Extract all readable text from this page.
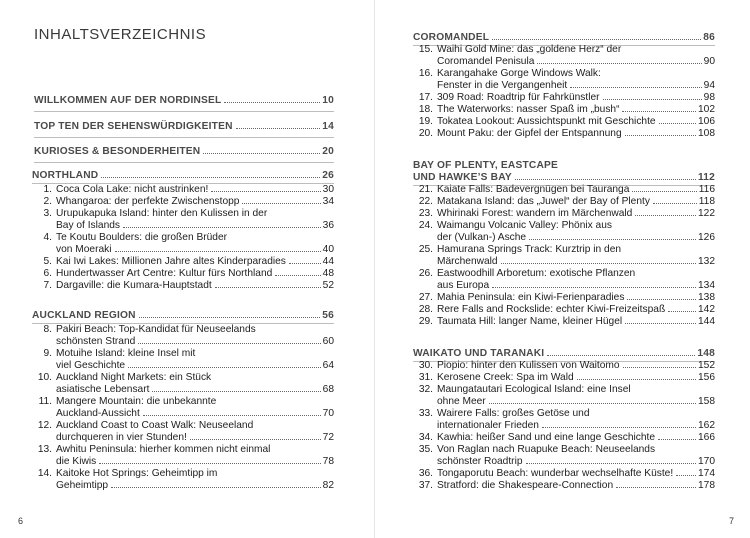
INHALTSVERZEICHNIS
WILLKOMMEN AUF DER NORDINSEL	10
TOP TEN DER SEHENSWÜRDIGKEITEN	14
KURIOSES & BESONDERHEITEN	20
NORTHLAND	26
1. Coca Cola Lake: nicht austrinken!	30
2. Whangaroa: der perfekte Zwischenstopp	34
3. Urupukapuka Island: hinter den Kulissen in der
Bay of Islands	36
4. Te Koutu Boulders: die großen Brüder
von Moeraki	40
5. Kai Iwi Lakes: Millionen Jahre altes Kinderparadies	44
6. Hundertwasser Art Centre: Kultur fürs Northland	48
7. Dargaville: die Kumara-Hauptstadt	52
AUCKLAND REGION	56
8. Pakiri Beach: Top-Kandidat für Neuseelands
schönsten Strand	60
9. Motuihe Island: kleine Insel mit
viel Geschichte	64
10. Auckland Night Markets: ein Stück
asiatische Lebensart	68
11. Mangere Mountain: die unbekannte
Auckland-Aussicht	70
12. Auckland Coast to Coast Walk: Neuseeland
durchqueren in vier Stunden!	72
13. Awhitu Peninsula: hierher kommen nicht einmal
die Kiwis	78
14. Kaitoke Hot Springs: Geheimtipp im
Geheimtipp	82
6
COROMANDEL	86
15. Waihi Gold Mine: das „goldene Herz“ der
Coromandel Penisula	90
16. Karangahake Gorge Windows Walk:
Fenster in die Vergangenheit	94
17. 309 Road: Roadtrip für Fahrkünstler	98
18. The Waterworks: nasser Spaß im „bush“	102
19. Tokatea Lookout: Aussichtspunkt mit Geschichte	106
20. Mount Paku: der Gipfel der Entspannung	108
BAY OF PLENTY, EASTCAPE
UND HAWKE’S BAY	112
21. Kaiate Falls: Badevergnügen bei Tauranga	116
22. Matakana Island: das „Juwel“ der Bay of Plenty	118
23. Whirinaki Forest: wandern im Märchenwald	122
24. Waimangu Volcanic Valley: Phönix aus
der (Vulkan-) Asche	126
25. Hamurana Springs Track: Kurztrip in den
Märchenwald	132
26. Eastwoodhill Arboretum: exotische Pflanzen
aus Europa	134
27. Mahia Peninsula: ein Kiwi-Ferienparadies	138
28. Rere Falls and Rockslide: echter Kiwi-Freizeitspaß	142
29. Taumata Hill: langer Name, kleiner Hügel	144
WAIKATO UND TARANAKI	148
30. Piopio: hinter den Kulissen von Waitomo	152
31. Kerosene Creek: Spa im Wald	156
32. Maungatautari Ecological Island: eine Insel
ohne Meer	158
33. Wairere Falls: großes Getöse und
internationaler Frieden	162
34. Kawhia: heißer Sand und eine lange Geschichte	166
35. Von Raglan nach Ruapuke Beach: Neuseelands
schönster Roadtrip	170
36. Tongaporutu Beach: wunderbar wechselhafte Küste! 174
37. Stratford: die Shakespeare-Connection	178
7
